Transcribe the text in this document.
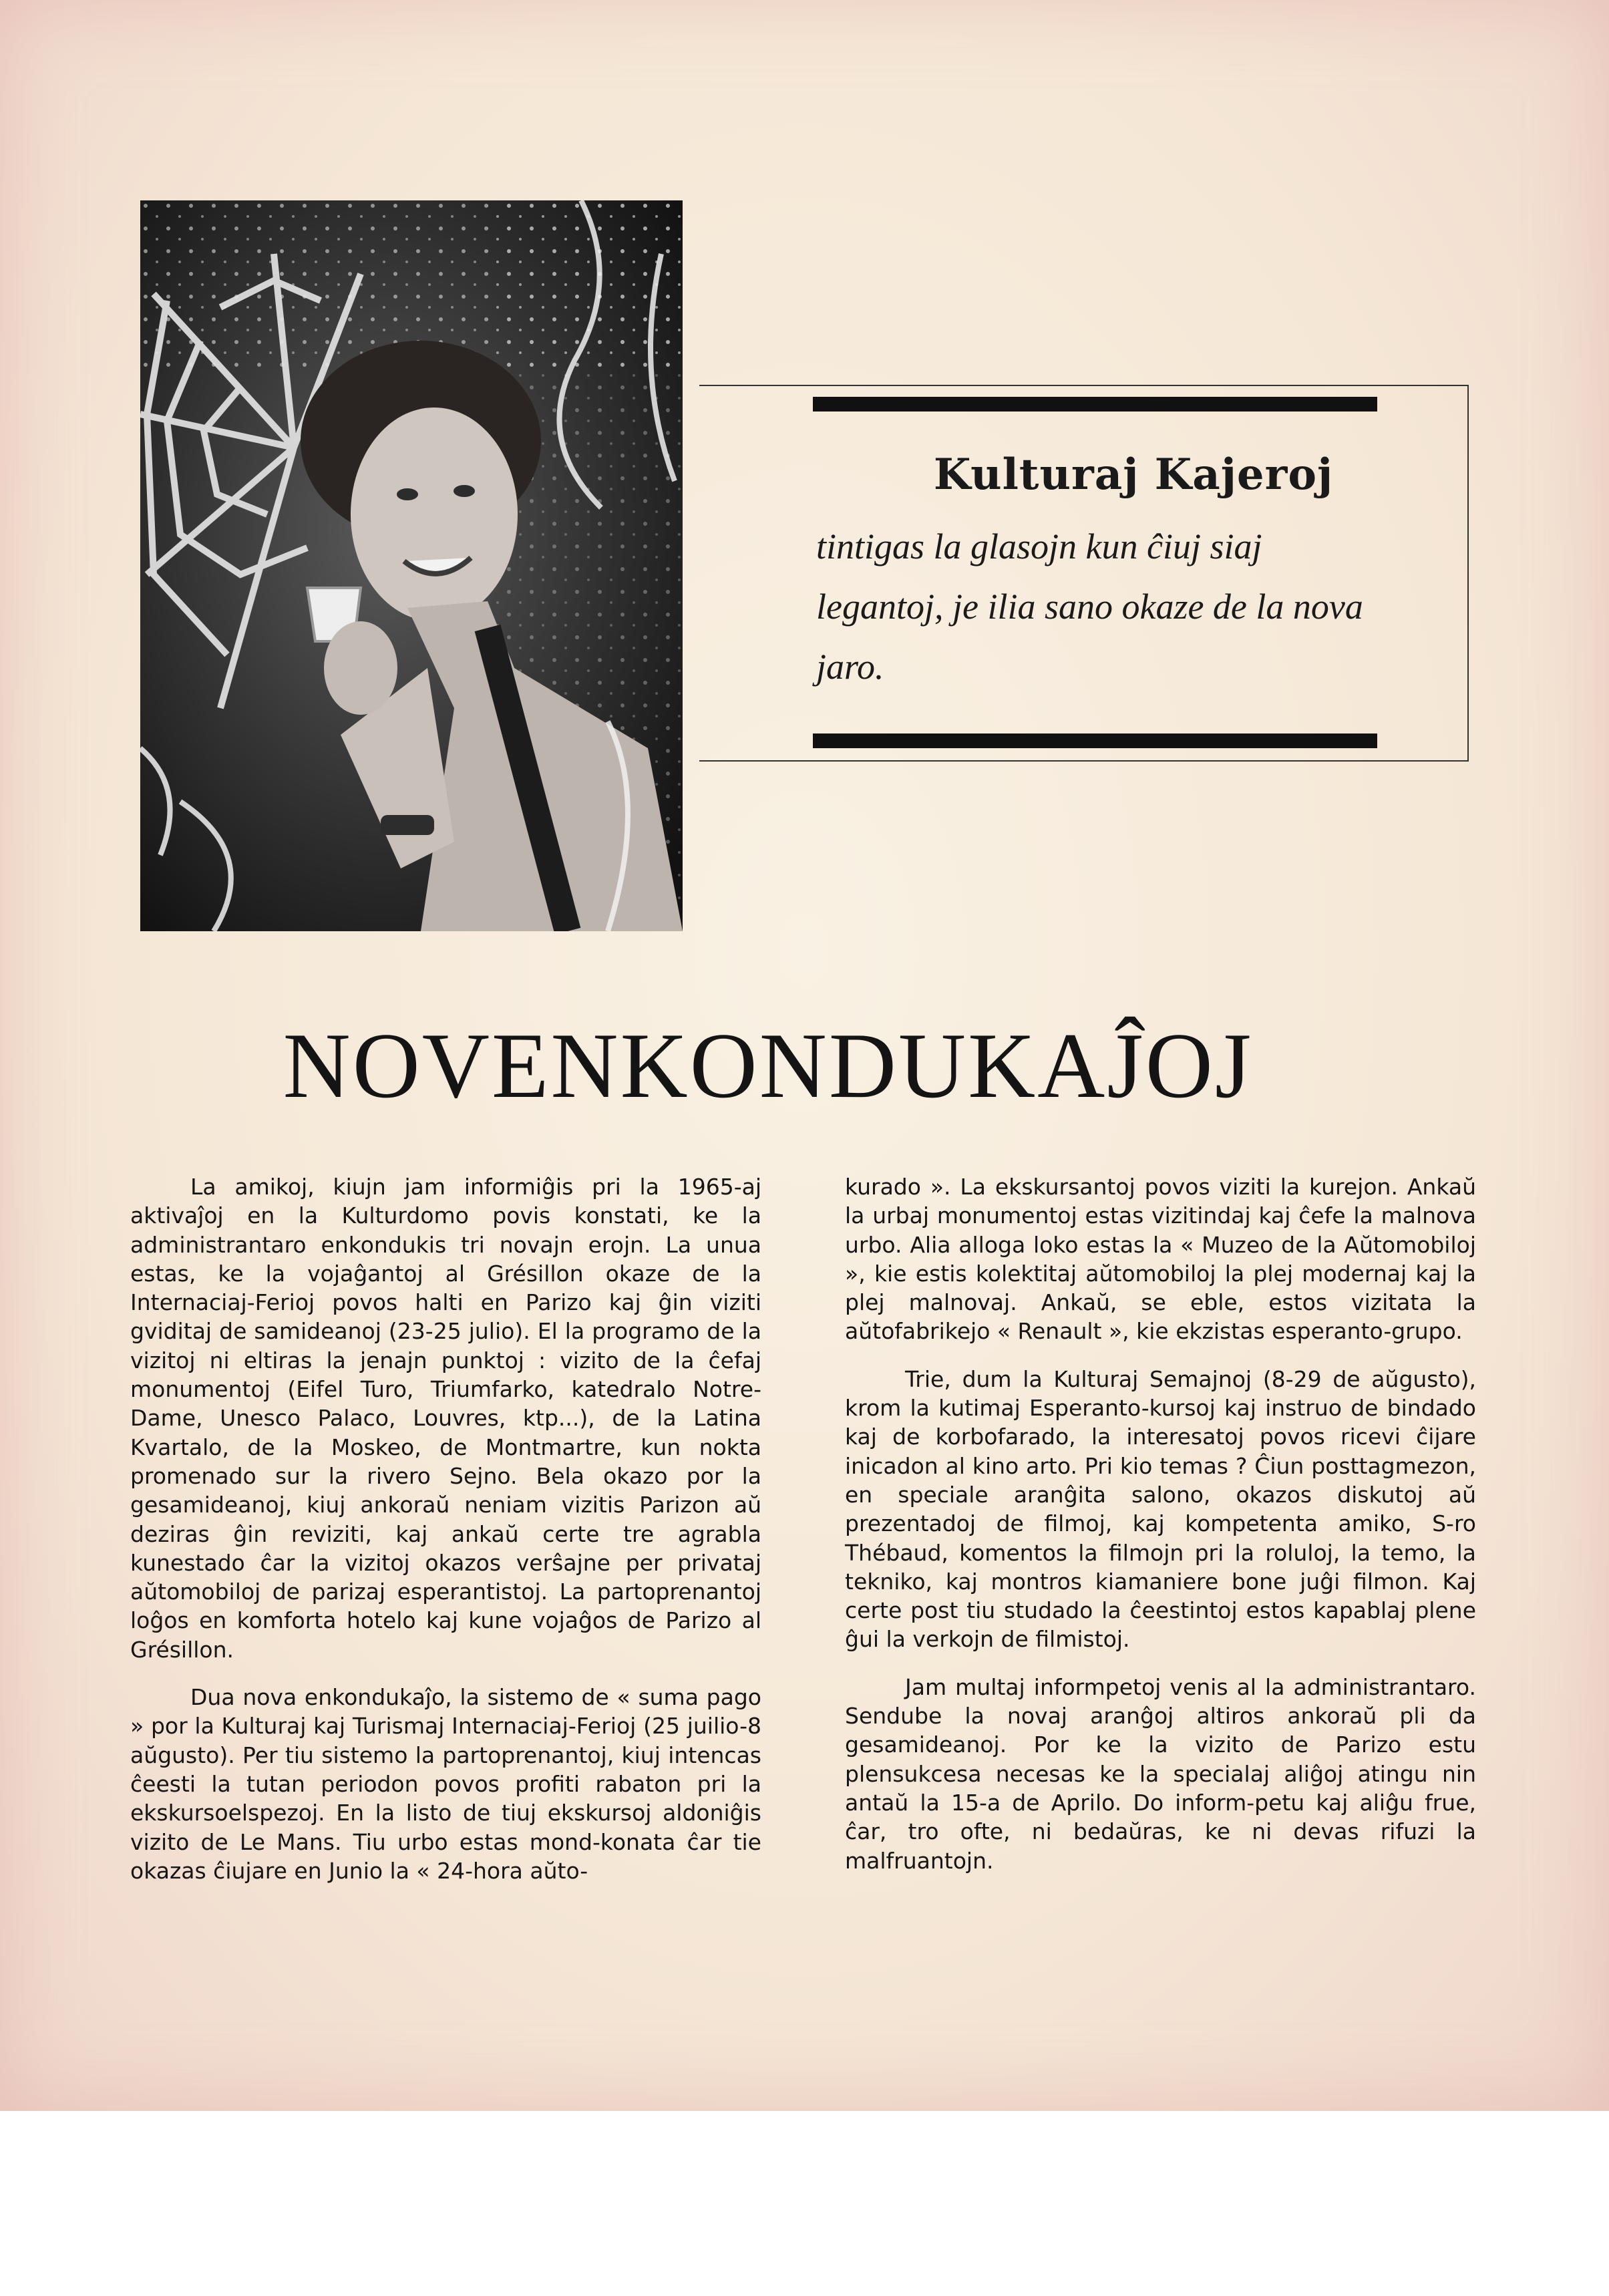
Kulturaj Kajeroj
tintigas la glasojn kun ĉiuj siaj legantoj, je ilia sano okaze de la nova jaro.
NOVENKONDUKAĴOJ

La amikoj, kiujn jam informiĝis pri la 1965-aj aktivaĵoj en la Kulturdomo povis konstati, ke la administrantaro enkondukis tri novajn erojn. La unua estas, ke la vojaĝantoj al Grésillon okaze de la Internaciaj-Ferioj povos halti en Parizo kaj ĝin viziti gviditaj de samideanoj (23-25 julio). El la programo de la vizitoj ni eltiras la jenajn punktoj : vizito de la ĉefaj monumentoj (Eifel Turo, Triumfarko, katedralo Notre-Dame, Unesco Palaco, Louvres, ktp...), de la Latina Kvartalo, de la Moskeo, de Montmartre, kun nokta promenado sur la rivero Sejno. Bela okazo por la gesamideanoj, kiuj ankoraŭ neniam vizitis Parizon aŭ deziras ĝin reviziti, kaj ankaŭ certe tre agrabla kunestado ĉar la vizitoj okazos verŝajne per privataj aŭtomobiloj de parizaj esperantistoj. La partoprenantoj loĝos en komforta hotelo kaj kune vojaĝos de Parizo al Grésillon.

Dua nova enkondukaĵo, la sistemo de « suma pago » por la Kulturaj kaj Turismaj Internaciaj-Ferioj (25 juilio-8 aŭgusto). Per tiu sistemo la partoprenantoj, kiuj intencas ĉeesti la tutan periodon povos profiti rabaton pri la ekskursoelspezoj. En la listo de tiuj ekskursoj aldoniĝis vizito de Le Mans. Tiu urbo estas mond-konata ĉar tie okazas ĉiujare en Junio la « 24-hora aŭto-

kurado ». La ekskursantoj povos viziti la kurejon. Ankaŭ la urbaj monumentoj estas vizitindaj kaj ĉefe la malnova urbo. Alia alloga loko estas la « Muzeo de la Aŭtomobiloj », kie estis kolektitaj aŭtomobiloj la plej modernaj kaj la plej malnovaj. Ankaŭ, se eble, estos vizitata la aŭtofabrikejo « Renault », kie ekzistas esperanto-grupo.

Trie, dum la Kulturaj Semajnoj (8-29 de aŭgusto), krom la kutimaj Esperanto-kursoj kaj instruo de bindado kaj de korbofarado, la interesatoj povos ricevi ĉijare inicadon al kino arto. Pri kio temas ? Ĉiun posttagmezon, en speciale aranĝita salono, okazos diskutoj aŭ prezentadoj de filmoj, kaj kompetenta amiko, S-ro Thébaud, komentos la filmojn pri la roluloj, la temo, la tekniko, kaj montros kiamaniere bone juĝi filmon. Kaj certe post tiu studado la ĉeestintoj estos kapablaj plene ĝui la verkojn de filmistoj.

Jam multaj informpetoj venis al la administrantaro. Sendube la novaj aranĝoj altiros ankoraŭ pli da gesamideanoj. Por ke la vizito de Parizo estu plensukcesa necesas ke la specialaj aliĝoj atingu nin antaŭ la 15-a de Aprilo. Do inform-petu kaj aliĝu frue, ĉar, tro ofte, ni bedaŭras, ke ni devas rifuzi la malfruantojn.
